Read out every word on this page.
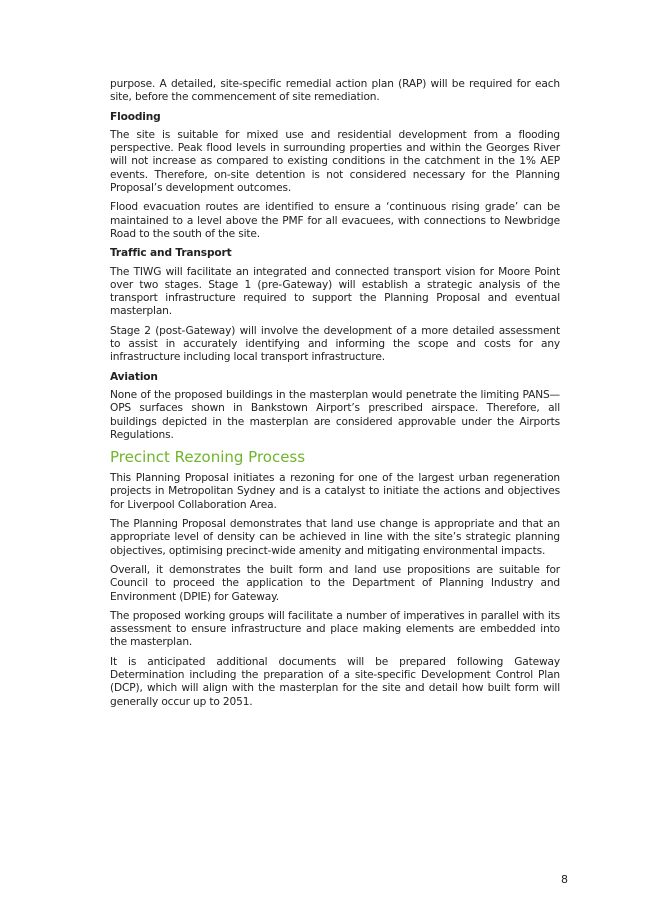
purpose. A detailed, site-specific remedial action plan (RAP) will be required for each site, before the commencement of site remediation.

Flooding

The site is suitable for mixed use and residential development from a flooding perspective. Peak flood levels in surrounding properties and within the Georges River will not increase as compared to existing conditions in the catchment in the 1% AEP events. Therefore, on-site detention is not considered necessary for the Planning Proposal’s development outcomes.

Flood evacuation routes are identified to ensure a ‘continuous rising grade’ can be maintained to a level above the PMF for all evacuees, with connections to Newbridge Road to the south of the site.

Traffic and Transport

The TIWG will facilitate an integrated and connected transport vision for Moore Point over two stages. Stage 1 (pre-Gateway) will establish a strategic analysis of the transport infrastructure required to support the Planning Proposal and eventual masterplan.

Stage 2 (post-Gateway) will involve the development of a more detailed assessment to assist in accurately identifying and informing the scope and costs for any infrastructure including local transport infrastructure.

Aviation

None of the proposed buildings in the masterplan would penetrate the limiting PANS—OPS surfaces shown in Bankstown Airport’s prescribed airspace. Therefore, all buildings depicted in the masterplan are considered approvable under the Airports Regulations.

Precinct Rezoning Process

This Planning Proposal initiates a rezoning for one of the largest urban regeneration projects in Metropolitan Sydney and is a catalyst to initiate the actions and objectives for Liverpool Collaboration Area.

The Planning Proposal demonstrates that land use change is appropriate and that an appropriate level of density can be achieved in line with the site’s strategic planning objectives, optimising precinct-wide amenity and mitigating environmental impacts.

Overall, it demonstrates the built form and land use propositions are suitable for Council to proceed the application to the Department of Planning Industry and Environment (DPIE) for Gateway.

The proposed working groups will facilitate a number of imperatives in parallel with its assessment to ensure infrastructure and place making elements are embedded into the masterplan.

It is anticipated additional documents will be prepared following Gateway Determination including the preparation of a site-specific Development Control Plan (DCP), which will align with the masterplan for the site and detail how built form will generally occur up to 2051.

8
